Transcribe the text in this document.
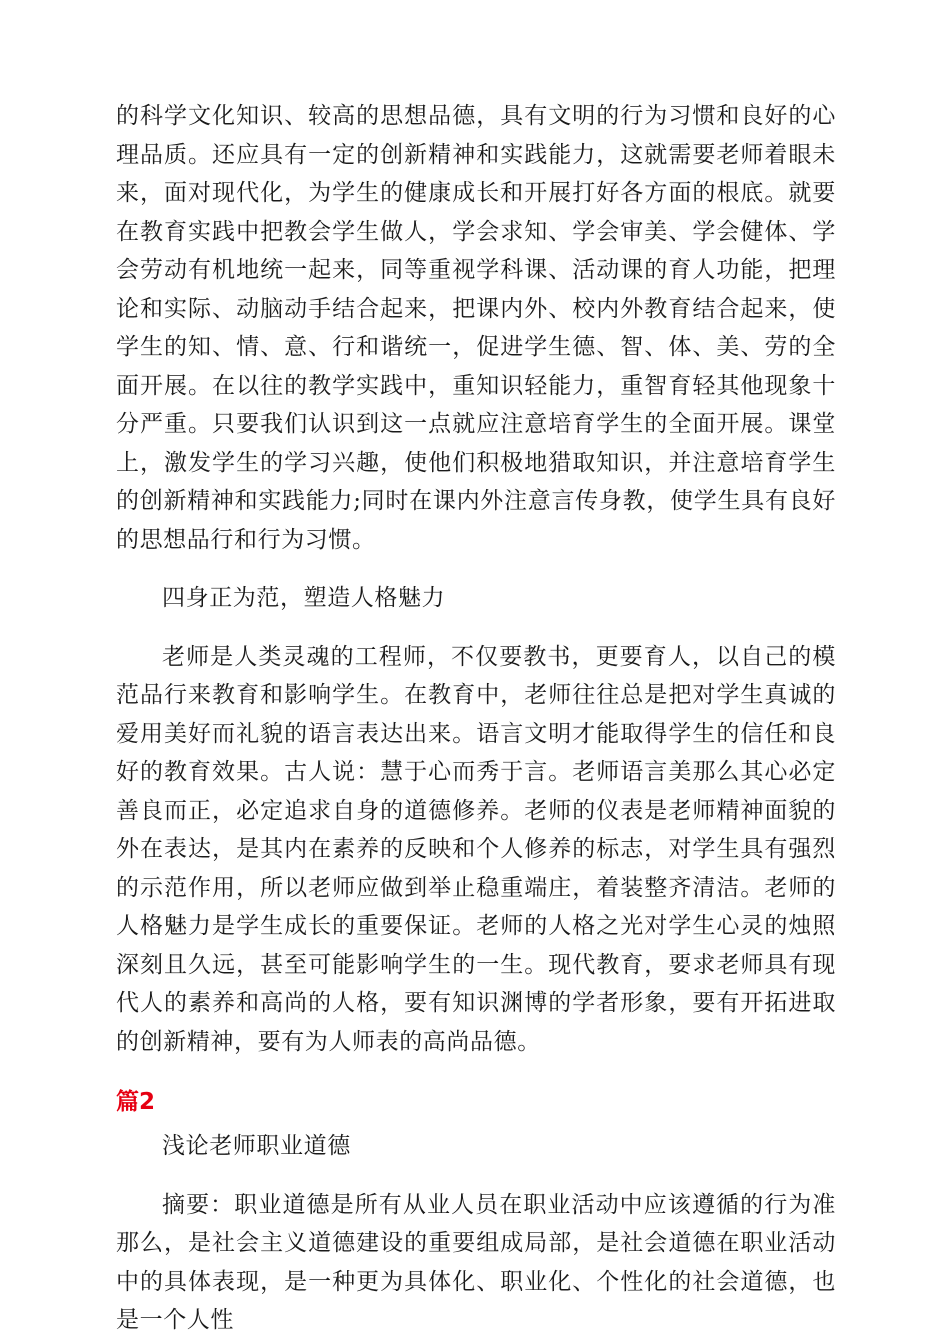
的科学文化知识、较高的思想品德，具有文明的行为习惯和良好的心理品质。还应具有一定的创新精神和实践能力，这就需要老师着眼未来，面对现代化，为学生的健康成长和开展打好各方面的根底。就要在教育实践中把教会学生做人，学会求知、学会审美、学会健体、学会劳动有机地统一起来，同等重视学科课、活动课的育人功能，把理论和实际、动脑动手结合起来，把课内外、校内外教育结合起来，使学生的知、情、意、行和谐统一，促进学生德、智、体、美、劳的全面开展。在以往的教学实践中，重知识轻能力，重智育轻其他现象十分严重。只要我们认识到这一点就应注意培育学生的全面开展。课堂上，激发学生的学习兴趣，使他们积极地猎取知识，并注意培育学生的创新精神和实践能力;同时在课内外注意言传身教，使学生具有良好的思想品行和行为习惯。

四身正为范，塑造人格魅力

老师是人类灵魂的工程师，不仅要教书，更要育人，以自己的模范品行来教育和影响学生。在教育中，老师往往总是把对学生真诚的爱用美好而礼貌的语言表达出来。语言文明才能取得学生的信任和良好的教育效果。古人说：慧于心而秀于言。老师语言美那么其心必定善良而正，必定追求自身的道德修养。老师的仪表是老师精神面貌的外在表达，是其内在素养的反映和个人修养的标志，对学生具有强烈的示范作用，所以老师应做到举止稳重端庄，着装整齐清洁。老师的人格魅力是学生成长的重要保证。老师的人格之光对学生心灵的烛照深刻且久远，甚至可能影响学生的一生。现代教育，要求老师具有现代人的素养和高尚的人格，要有知识渊博的学者形象，要有开拓进取的创新精神，要有为人师表的高尚品德。

篇2

浅论老师职业道德

摘要：职业道德是所有从业人员在职业活动中应该遵循的行为准那么，是社会主义道德建设的重要组成局部，是社会道德在职业活动中的具体表现，是一种更为具体化、职业化、个性化的社会道德，也是一个人性
